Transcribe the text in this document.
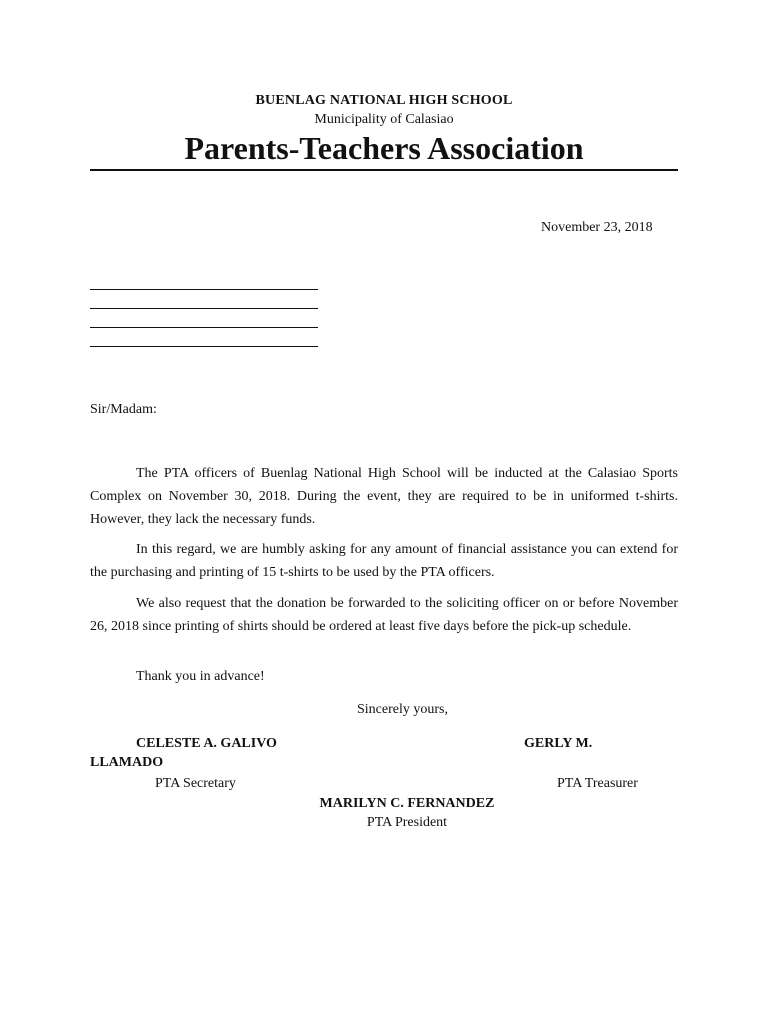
BUENLAG NATIONAL HIGH SCHOOL
Municipality of Calasiao
Parents-Teachers Association
November 23, 2018
Sir/Madam:

The PTA officers of Buenlag National High School will be inducted at the Calasiao Sports Complex on November 30, 2018. During the event, they are required to be in uniformed t-shirts. However, they lack the necessary funds.

In this regard, we are humbly asking for any amount of financial assistance you can extend for the purchasing and printing of 15 t-shirts to be used by the PTA officers.

We also request that the donation be forwarded to the soliciting officer on or before November 26, 2018 since printing of shirts should be ordered at least five days before the pick-up schedule.

Thank you in advance!
Sincerely yours,
CELESTE A. GALIVO	GERLY M.
LLAMADO
PTA Secretary	PTA Treasurer
MARILYN C. FERNANDEZ
PTA President
